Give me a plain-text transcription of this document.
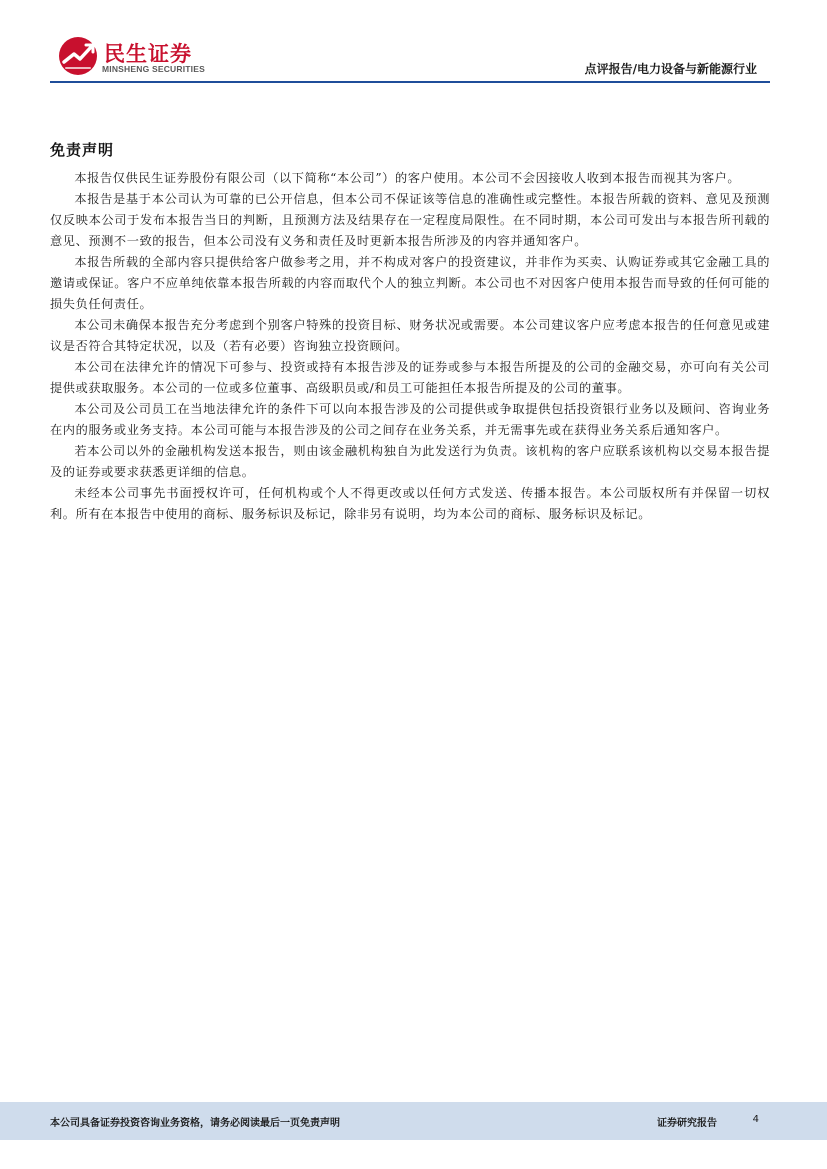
民生证券
MINSHENG SECURITIES	点评报告/电力设备与新能源行业
免责声明

本报告仅供民生证券股份有限公司（以下简称“本公司”）的客户使用。本公司不会因接收人收到本报告而视其为客户。

本报告是基于本公司认为可靠的已公开信息，但本公司不保证该等信息的准确性或完整性。本报告所载的资料、意见及预测仅反映本公司于发布本报告当日的判断，且预测方法及结果存在一定程度局限性。在不同时期，本公司可发出与本报告所刊载的意见、预测不一致的报告，但本公司没有义务和责任及时更新本报告所涉及的内容并通知客户。

本报告所载的全部内容只提供给客户做参考之用，并不构成对客户的投资建议，并非作为买卖、认购证券或其它金融工具的邀请或保证。客户不应单纯依靠本报告所载的内容而取代个人的独立判断。本公司也不对因客户使用本报告而导致的任何可能的损失负任何责任。

本公司未确保本报告充分考虑到个别客户特殊的投资目标、财务状况或需要。本公司建议客户应考虑本报告的任何意见或建议是否符合其特定状况，以及（若有必要）咨询独立投资顾问。

本公司在法律允许的情况下可参与、投资或持有本报告涉及的证券或参与本报告所提及的公司的金融交易，亦可向有关公司提供或获取服务。本公司的一位或多位董事、高级职员或/和员工可能担任本报告所提及的公司的董事。

本公司及公司员工在当地法律允许的条件下可以向本报告涉及的公司提供或争取提供包括投资银行业务以及顾问、咨询业务在内的服务或业务支持。本公司可能与本报告涉及的公司之间存在业务关系，并无需事先或在获得业务关系后通知客户。

若本公司以外的金融机构发送本报告，则由该金融机构独自为此发送行为负责。该机构的客户应联系该机构以交易本报告提及的证券或要求获悉更详细的信息。

未经本公司事先书面授权许可，任何机构或个人不得更改或以任何方式发送、传播本报告。本公司版权所有并保留一切权利。所有在本报告中使用的商标、服务标识及标记，除非另有说明，均为本公司的商标、服务标识及标记。

本公司具备证券投资咨询业务资格，请务必阅读最后一页免责声明	证券研究报告	4
